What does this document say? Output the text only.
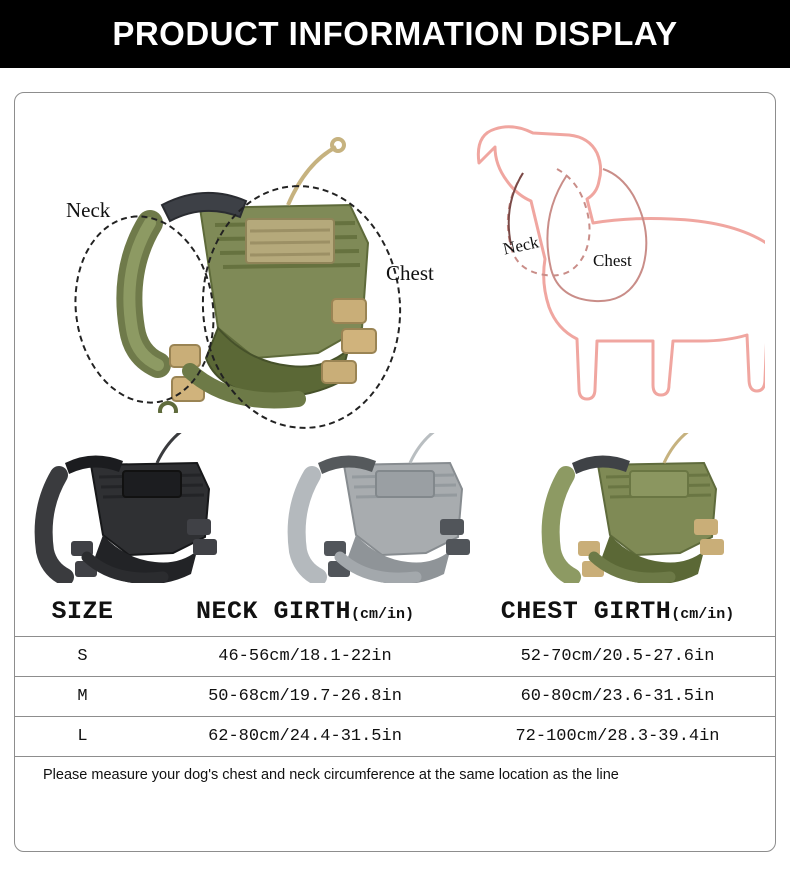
PRODUCT INFORMATION DISPLAY
Neck
Chest
Neck
Chest
SIZE	NECK GIRTH(cm/in)	CHEST GIRTH(cm/in)
S	46-56cm/18.1-22in	52-70cm/20.5-27.6in
M	50-68cm/19.7-26.8in	60-80cm/23.6-31.5in
L	62-80cm/24.4-31.5in	72-100cm/28.3-39.4in
Please measure your dog's chest and neck circumference at the same location as the line		
